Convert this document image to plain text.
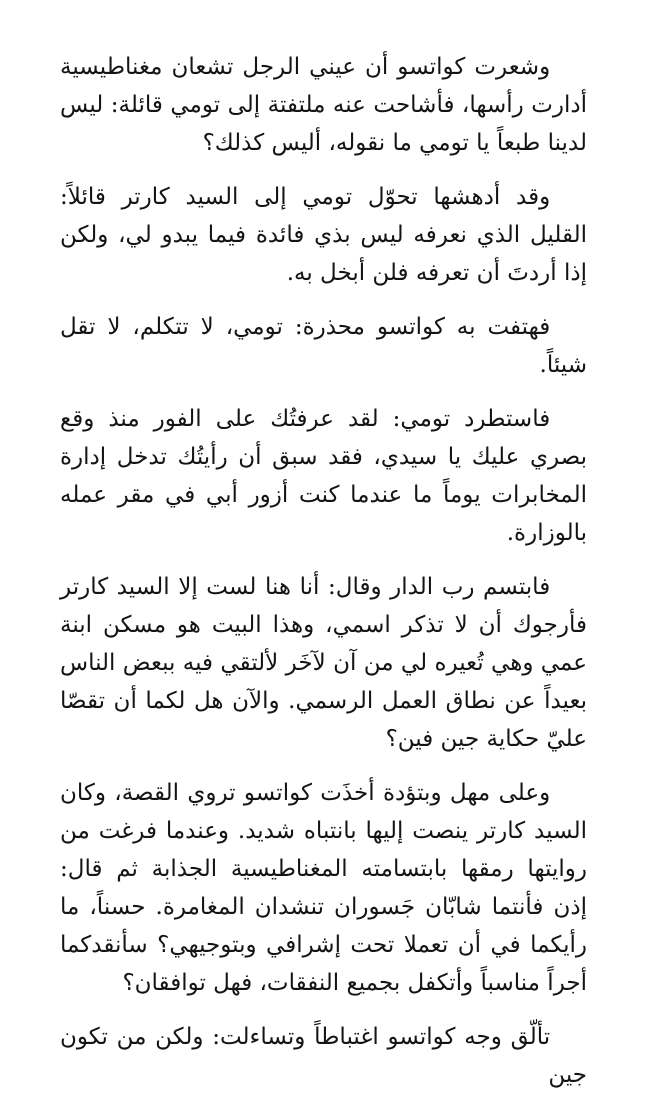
وشعرت كواتسو أن عيني الرجل تشعان مغناطيسية أدارت رأسها، فأشاحت عنه ملتفتة إلى تومي قائلة: ليس لدينا طبعاً يا تومي ما نقوله، أليس كذلك؟

وقد أدهشها تحوّل تومي إلى السيد كارتر قائلاً: القليل الذي نعرفه ليس بذي فائدة فيما يبدو لي، ولكن إذا أردتَ أن تعرفه فلن أبخل به.

فهتفت به كواتسو محذرة: تومي، لا تتكلم، لا تقل شيئاً.

فاستطرد تومي: لقد عرفتُك على الفور منذ وقع بصري عليك يا سيدي، فقد سبق أن رأيتُك تدخل إدارة المخابرات يوماً ما عندما كنت أزور أبي في مقر عمله بالوزارة.

فابتسم رب الدار وقال: أنا هنا لست إلا السيد كارتر فأرجوك أن لا تذكر اسمي، وهذا البيت هو مسكن ابنة عمي وهي تُعيره لي من آن لآخَر لألتقي فيه ببعض الناس بعيداً عن نطاق العمل الرسمي. والآن هل لكما أن تقصّا عليّ حكاية جين فين؟

وعلى مهل وبتؤدة أخذَت كواتسو تروي القصة، وكان السيد كارتر ينصت إليها بانتباه شديد. وعندما فرغت من روايتها رمقها بابتسامته المغناطيسية الجذابة ثم قال: إذن فأنتما شابّان جَسوران تنشدان المغامرة. حسناً، ما رأيكما في أن تعملا تحت إشرافي وبتوجيهي؟ سأنقدكما أجراً مناسباً وأتكفل بجميع النفقات، فهل توافقان؟

تألّق وجه كواتسو اغتباطاً وتساءلت: ولكن من تكون جين
